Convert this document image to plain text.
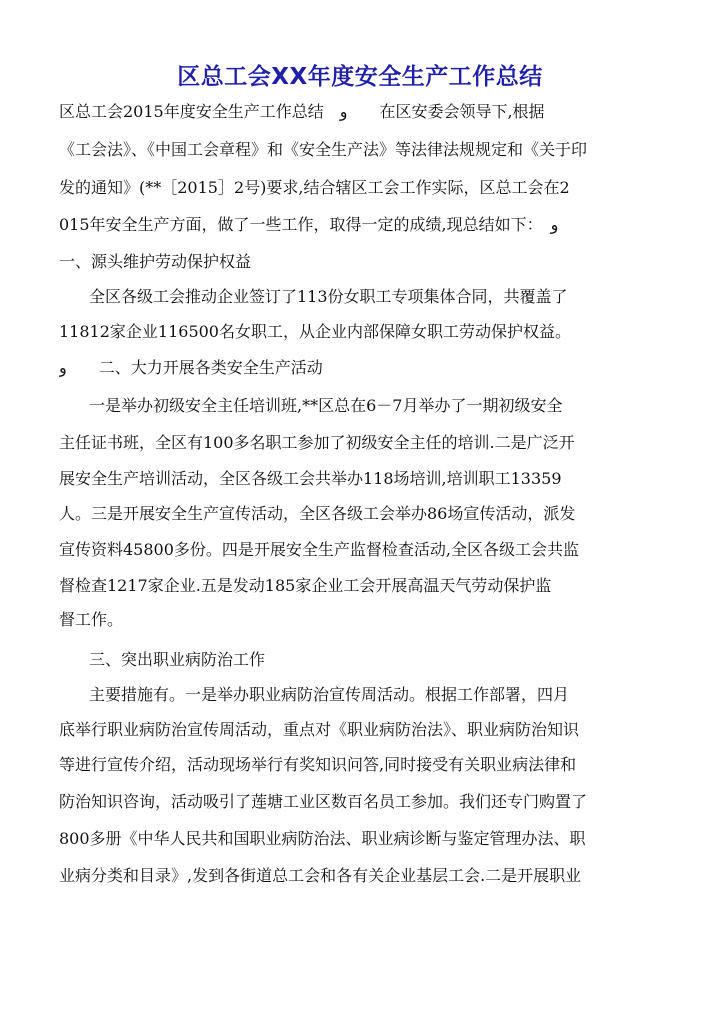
区总工会XX年度安全生产工作总结
区总工会2015年度安全生产工作总结　ﻭ　　在区安委会领导下,根据
《工会法》、《中国工会章程》和《安全生产法》等法律法规规定和《关于印
发的通知》(**［2015］2号)要求,结合辖区工会工作实际，区总工会在2
015年安全生产方面，做了一些工作，取得一定的成绩,现总结如下：　ﻭ
一、源头维护劳动保护权益
全区各级工会推动企业签订了113份女职工专项集体合同，共覆盖了
11812家企业116500名女职工，从企业内部保障女职工劳动保护权益。
ﻭ　　二、大力开展各类安全生产活动
一是举办初级安全主任培训班,**区总在6－7月举办了一期初级安全
主任证书班，全区有100多名职工参加了初级安全主任的培训.二是广泛开
展安全生产培训活动，全区各级工会共举办118场培训,培训职工13359
人。三是开展安全生产宣传活动，全区各级工会举办86场宣传活动，派发
宣传资料45800多份。四是开展安全生产监督检查活动,全区各级工会共监
督检查1217家企业.五是发动185家企业工会开展高温天气劳动保护监
督工作。
三、突出职业病防治工作
主要措施有。一是举办职业病防治宣传周活动。根据工作部署，四月
底举行职业病防治宣传周活动，重点对《职业病防治法》、职业病防治知识
等进行宣传介绍，活动现场举行有奖知识问答,同时接受有关职业病法律和
防治知识咨询，活动吸引了莲塘工业区数百名员工参加。我们还专门购置了
800多册《中华人民共和国职业病防治法、职业病诊断与鉴定管理办法、职
业病分类和目录》,发到各街道总工会和各有关企业基层工会.二是开展职业
